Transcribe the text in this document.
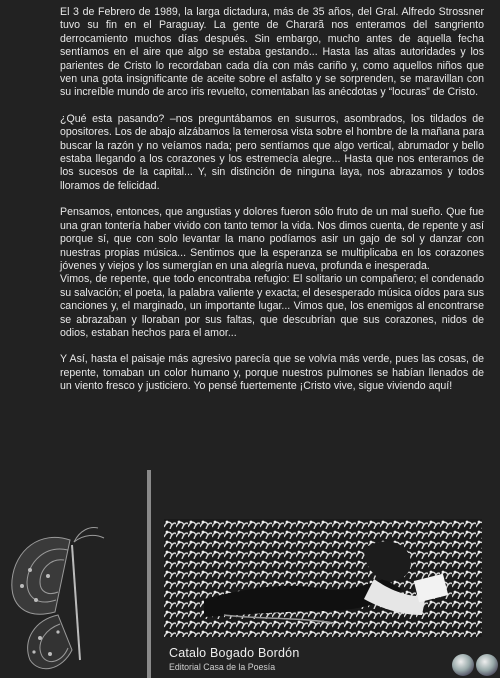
El 3 de Febrero de 1989, la larga dictadura, más de 35 años, del Gral. Alfredo Strossner tuvo su fin en el Paraguay. La gente de Chararã nos enteramos del sangriento derrocamiento muchos días después. Sin embargo, mucho antes de aquella fecha sentíamos en el aire que algo se estaba gestando... Hasta las altas autoridades y los parientes de Cristo lo recordaban cada día con más cariño y, como aquellos niños que ven una gota insignificante de aceite sobre el asfalto y se sorprenden, se maravillan con su increíble mundo de arco iris revuelto, comentaban las anécdotas y “locuras” de Cristo.

¿Qué esta pasando? –nos preguntábamos en susurros, asombrados, los tildados de opositores. Los de abajo alzábamos la temerosa vista sobre el hombre de la mañana para buscar la razón y no veíamos nada; pero sentíamos que algo vertical, abrumador y bello estaba llegando a los corazones y los estremecía alegre... Hasta que nos enteramos de los sucesos de la capital... Y, sin distinción de ninguna laya, nos abrazamos y todos lloramos de felicidad.

Pensamos, entonces, que angustias y dolores fueron sólo fruto de un mal sueño. Que fue una gran tontería haber vivido con tanto temor la vida. Nos dimos cuenta, de repente y así porque sí, que con solo levantar la mano podíamos asir un gajo de sol y danzar con nuestras propias música... Sentimos que la esperanza se multiplicaba en los corazones jóvenes y viejos y los sumergían en una alegría nueva, profunda e inesperada.

Vimos, de repente, que todo encontraba refugio: El solitario un compañero; el condenado su salvación; el poeta, la palabra valiente y exacta; el desesperado música oídos para sus canciones y, el marginado, un importante lugar... Vimos que, los enemigos al encontrarse se abrazaban y lloraban por sus faltas, que descubrían que sus corazones, nidos de odios, estaban hechos para el amor...

Y Así, hasta el paisaje más agresivo parecía que se volvía más verde, pues las cosas, de repente, tomaban un color humano y, porque nuestros pulmones se habían llenados de un viento fresco y justiciero. Yo pensé fuertemente ¡Cristo vive, sigue viviendo aquí!

Catalo Bogado Bordón
Editorial Casa de la Poesía
